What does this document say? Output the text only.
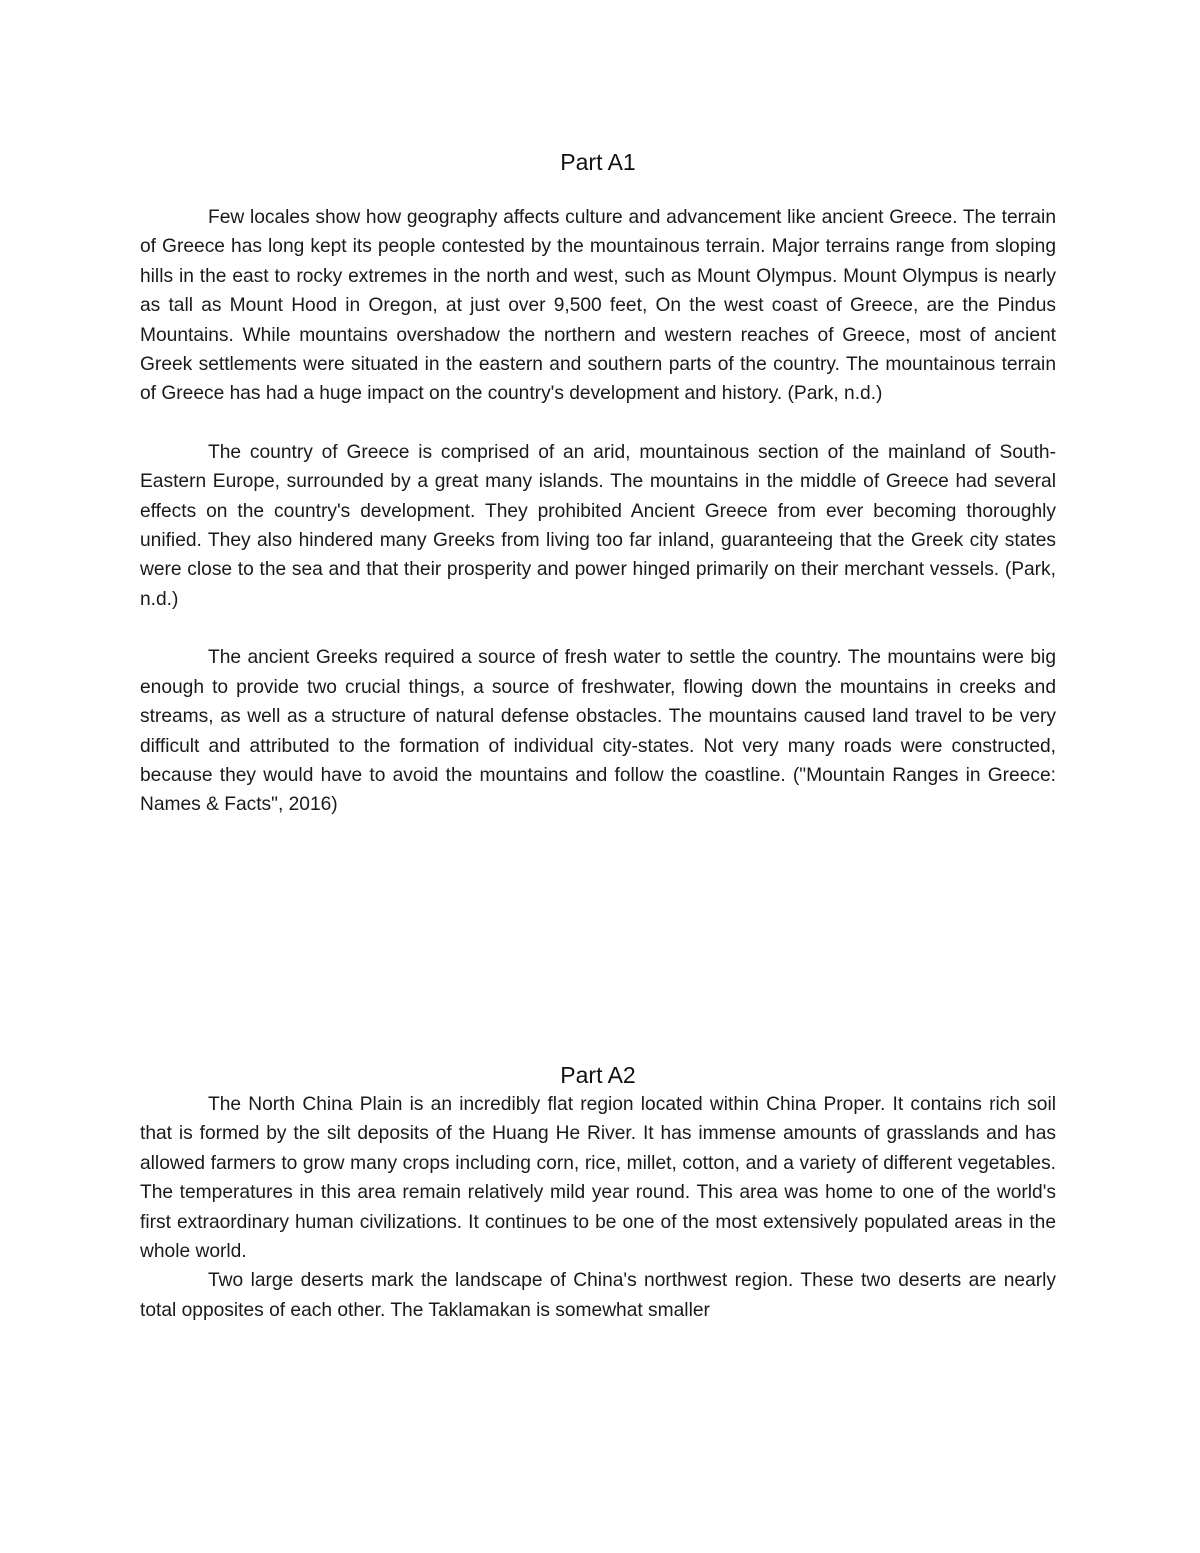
Part A1

Few locales show how geography affects culture and advancement like ancient Greece. The terrain of Greece has long kept its people contested by the mountainous terrain. Major terrains range from sloping hills in the east to rocky extremes in the north and west, such as Mount Olympus. Mount Olympus is nearly as tall as Mount Hood in Oregon, at just over 9,500 feet, On the west coast of Greece, are the Pindus Mountains. While mountains overshadow the northern and western reaches of Greece, most of ancient Greek settlements were situated in the eastern and southern parts of the country. The mountainous terrain of Greece has had a huge impact on the country's development and history. (Park, n.d.)

The country of Greece is comprised of an arid, mountainous section of the mainland of South-Eastern Europe, surrounded by a great many islands. The mountains in the middle of Greece had several effects on the country's development. They prohibited Ancient Greece from ever becoming thoroughly unified. They also hindered many Greeks from living too far inland, guaranteeing that the Greek city states were close to the sea and that their prosperity and power hinged primarily on their merchant vessels. (Park, n.d.)

The ancient Greeks required a source of fresh water to settle the country. The mountains were big enough to provide two crucial things, a source of freshwater, flowing down the mountains in creeks and streams, as well as a structure of natural defense obstacles. The mountains caused land travel to be very difficult and attributed to the formation of individual city-states. Not very many roads were constructed, because they would have to avoid the mountains and follow the coastline. ("Mountain Ranges in Greece: Names & Facts", 2016)

Part A2

The North China Plain is an incredibly flat region located within China Proper. It contains rich soil that is formed by the silt deposits of the Huang He River. It has immense amounts of grasslands and has allowed farmers to grow many crops including corn, rice, millet, cotton, and a variety of different vegetables. The temperatures in this area remain relatively mild year round. This area was home to one of the world's first extraordinary human civilizations. It continues to be one of the most extensively populated areas in the whole world.

Two large deserts mark the landscape of China's northwest region. These two deserts are nearly total opposites of each other. The Taklamakan is somewhat smaller
